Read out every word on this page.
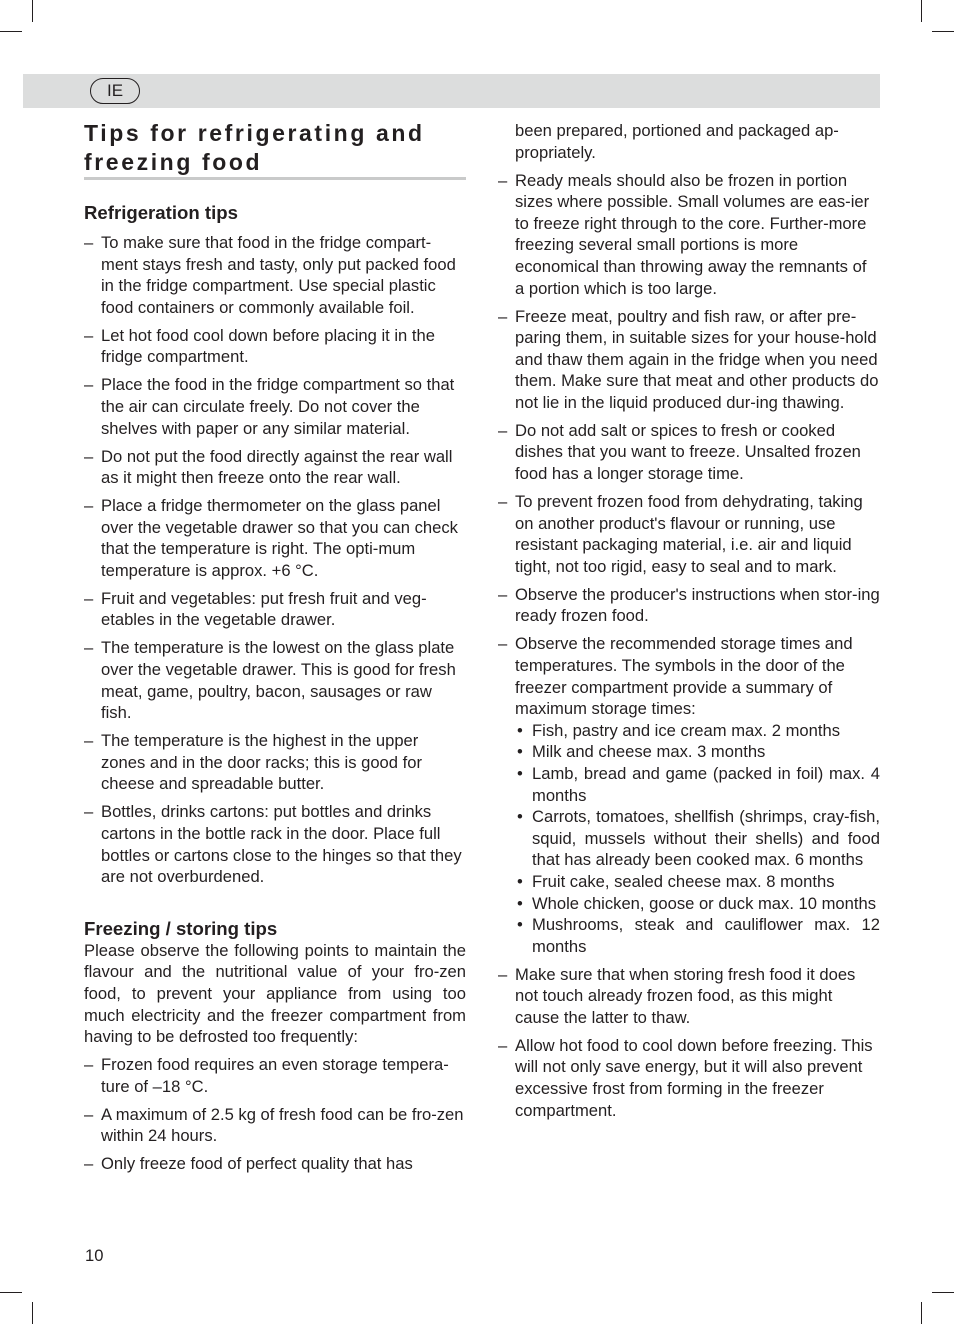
IE
Tips for refrigerating and freezing food
Refrigeration tips
– To make sure that food in the fridge compart-ment stays fresh and tasty, only put packed food in the fridge compartment. Use special plastic food containers or commonly available foil.
– Let hot food cool down before placing it in the fridge compartment.
– Place the food in the fridge compartment so that the air can circulate freely. Do not cover the shelves with paper or any similar material.
– Do not put the food directly against the rear wall as it might then freeze onto the rear wall.
– Place a fridge thermometer on the glass panel over the vegetable drawer so that you can check that the temperature is right. The opti-mum temperature is approx. +6 °C.
– Fruit and vegetables: put fresh fruit and veg-etables in the vegetable drawer.
– The temperature is the lowest on the glass plate over the vegetable drawer. This is good for fresh meat, game, poultry, bacon, sausages or raw fish.
– The temperature is the highest in the upper zones and in the door racks; this is good for cheese and spreadable butter.
– Bottles, drinks cartons: put bottles and drinks cartons in the bottle rack in the door. Place full bottles or cartons close to the hinges so that they are not overburdened.
Freezing / storing tips

Please observe the following points to maintain the flavour and the nutritional value of your fro-zen food, to prevent your appliance from using too much electricity and the freezer compartment from having to be defrosted too frequently:

– Frozen food requires an even storage tempera-ture of –18 °C.
– A maximum of 2.5 kg of fresh food can be fro-zen within 24 hours.
– Only freeze food of perfect quality that has
been prepared, portioned and packaged ap-propriately.
– Ready meals should also be frozen in portion sizes where possible. Small volumes are eas-ier to freeze right through to the core. Further-more freezing several small portions is more economical than throwing away the remnants of a portion which is too large.
– Freeze meat, poultry and fish raw, or after pre-paring them, in suitable sizes for your house-hold and thaw them again in the fridge when you need them. Make sure that meat and other products do not lie in the liquid produced dur-ing thawing.
– Do not add salt or spices to fresh or cooked dishes that you want to freeze. Unsalted frozen food has a longer storage time.
– To prevent frozen food from dehydrating, taking on another product's flavour or running, use resistant packaging material, i.e. air and liquid tight, not too rigid, easy to seal and to mark.
– Observe the producer's instructions when stor-ing ready frozen food.
– Observe the recommended storage times and temperatures. The symbols in the door of the freezer compartment provide a summary of maximum storage times:
• Fish, pastry and ice cream max. 2 months
• Milk and cheese max. 3 months
• Lamb, bread and game (packed in foil) max. 4 months
• Carrots, tomatoes, shellfish (shrimps, cray-fish, squid, mussels without their shells) and food that has already been cooked max. 6 months
• Fruit cake, sealed cheese max. 8 months
• Whole chicken, goose or duck max. 10 months
• Mushrooms, steak and cauliflower max. 12 months
– Make sure that when storing fresh food it does not touch already frozen food, as this might cause the latter to thaw.
– Allow hot food to cool down before freezing. This will not only save energy, but it will also prevent excessive frost from forming in the freezer compartment.
10
